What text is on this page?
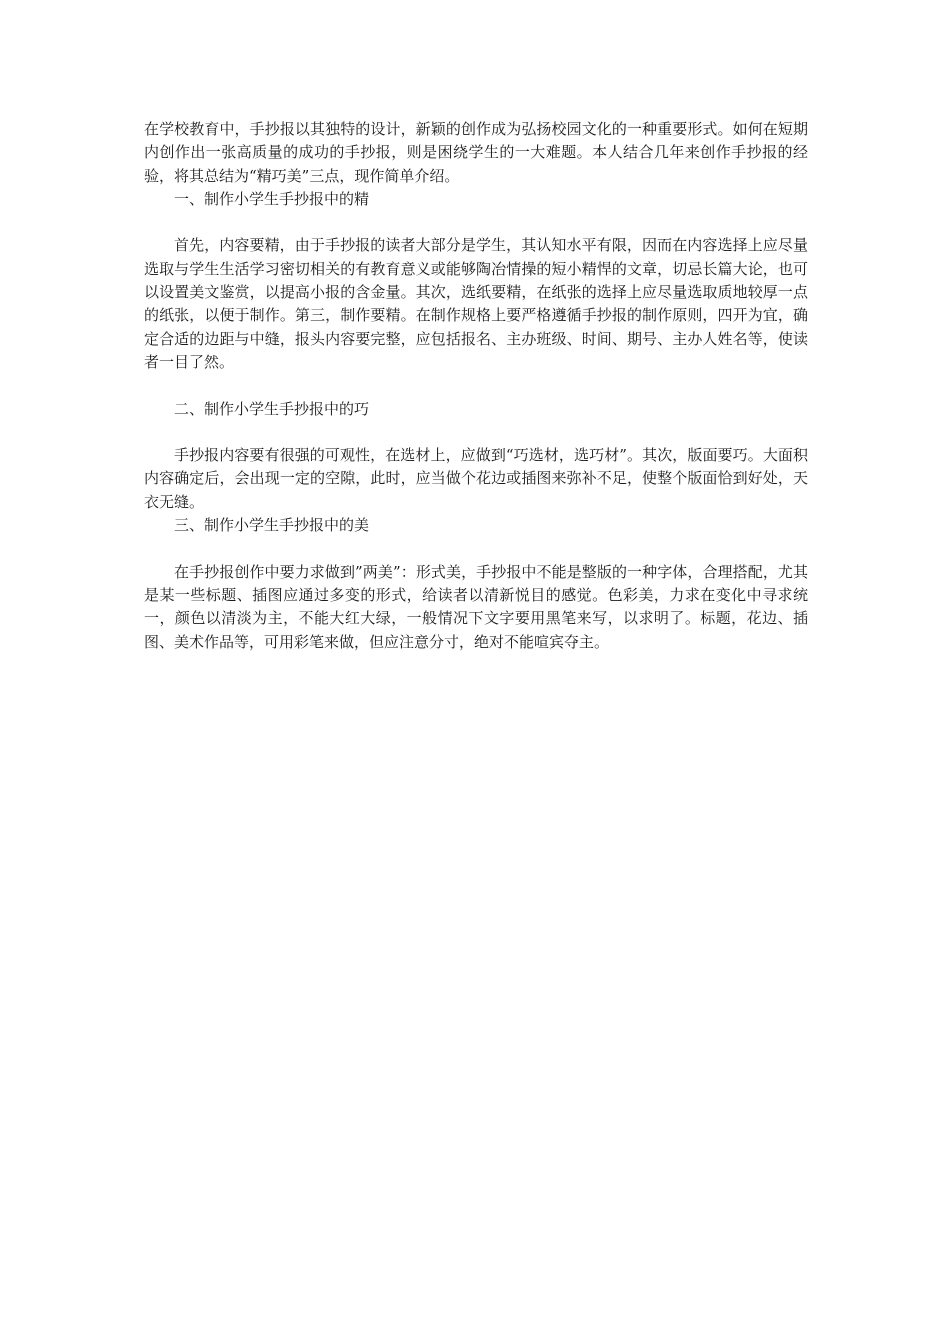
在学校教育中，手抄报以其独特的设计，新颖的创作成为弘扬校园文化的一种重要形式。如何在短期内创作出一张高质量的成功的手抄报，则是困绕学生的一大难题。本人结合几年来创作手抄报的经验，将其总结为“精巧美”三点，现作简单介绍。

一、制作小学生手抄报中的精

首先，内容要精，由于手抄报的读者大部分是学生，其认知水平有限，因而在内容选择上应尽量选取与学生生活学习密切相关的有教育意义或能够陶冶情操的短小精悍的文章，切忌长篇大论，也可以设置美文鉴赏，以提高小报的含金量。其次，选纸要精，在纸张的选择上应尽量选取质地较厚一点的纸张，以便于制作。第三，制作要精。在制作规格上要严格遵循手抄报的制作原则，四开为宜，确定合适的边距与中缝，报头内容要完整，应包括报名、主办班级、时间、期号、主办人姓名等，使读者一目了然。

二、制作小学生手抄报中的巧

手抄报内容要有很强的可观性，在选材上，应做到“巧选材，选巧材”。其次，版面要巧。大面积内容确定后，会出现一定的空隙，此时，应当做个花边或插图来弥补不足，使整个版面恰到好处，天衣无缝。

三、制作小学生手抄报中的美

在手抄报创作中要力求做到”两美”：形式美，手抄报中不能是整版的一种字体，合理搭配，尤其是某一些标题、插图应通过多变的形式，给读者以清新悦目的感觉。色彩美，力求在变化中寻求统一，颜色以清淡为主，不能大红大绿，一般情况下文字要用黑笔来写，以求明了。标题，花边、插图、美术作品等，可用彩笔来做，但应注意分寸，绝对不能喧宾夺主。
